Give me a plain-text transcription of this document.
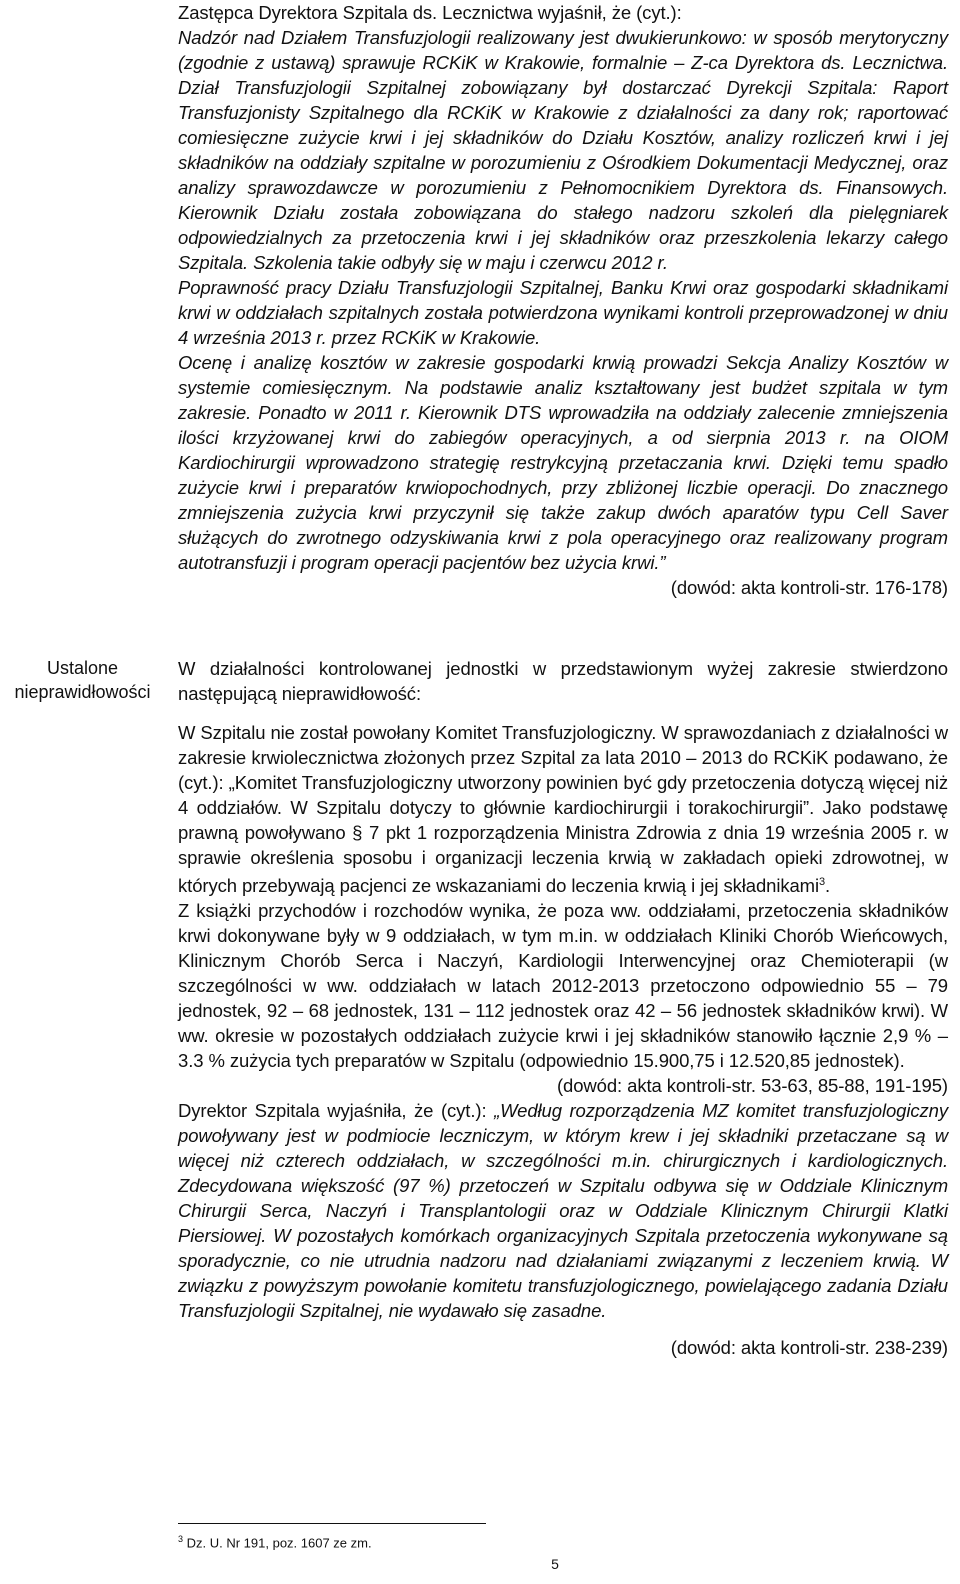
Zastępca Dyrektora Szpitala ds. Lecznictwa wyjaśnił, że (cyt.):

Nadzór nad Działem Transfuzjologii realizowany jest dwukierunkowo: w sposób merytoryczny (zgodnie z ustawą) sprawuje RCKiK w Krakowie, formalnie – Z-ca Dyrektora ds. Lecznictwa. Dział Transfuzjologii Szpitalnej zobowiązany był dostarczać Dyrekcji Szpitala: Raport Transfuzjonisty Szpitalnego dla RCKiK w Krakowie z działalności za dany rok; raportować comiesięczne zużycie krwi i jej składników do Działu Kosztów, analizy rozliczeń krwi i jej składników na oddziały szpitalne w porozumieniu z Ośrodkiem Dokumentacji Medycznej, oraz analizy sprawozdawcze w porozumieniu z Pełnomocnikiem Dyrektora ds. Finansowych. Kierownik Działu została zobowiązana do stałego nadzoru szkoleń dla pielęgniarek odpowiedzialnych za przetoczenia krwi i jej składników oraz przeszkolenia lekarzy całego Szpitala. Szkolenia takie odbyły się w maju i czerwcu 2012 r.

Poprawność pracy Działu Transfuzjologii Szpitalnej, Banku Krwi oraz gospodarki składnikami krwi w oddziałach szpitalnych została potwierdzona wynikami kontroli przeprowadzonej w dniu 4 września 2013 r. przez RCKiK w Krakowie.

Ocenę i analizę kosztów w zakresie gospodarki krwią prowadzi Sekcja Analizy Kosztów w systemie comiesięcznym. Na podstawie analiz kształtowany jest budżet szpitala w tym zakresie. Ponadto w 2011 r. Kierownik DTS wprowadziła na oddziały zalecenie zmniejszenia ilości krzyżowanej krwi do zabiegów operacyjnych, a od sierpnia 2013 r. na OIOM Kardiochirurgii wprowadzono strategię restrykcyjną przetaczania krwi. Dzięki temu spadło zużycie krwi i preparatów krwiopochodnych, przy zbliżonej liczbie operacji. Do znacznego zmniejszenia zużycia krwi przyczynił się także zakup dwóch aparatów typu Cell Saver służących do zwrotnego odzyskiwania krwi z pola operacyjnego oraz realizowany program autotransfuzji i program operacji pacjentów bez użycia krwi.”

(dowód: akta kontroli-str. 176-178)
Ustalone nieprawidłowości

W działalności kontrolowanej jednostki w przedstawionym wyżej zakresie stwierdzono następującą nieprawidłowość:

W Szpitalu nie został powołany Komitet Transfuzjologiczny. W sprawozdaniach z działalności w zakresie krwiolecznictwa złożonych przez Szpital za lata 2010 – 2013 do RCKiK podawano, że (cyt.): „Komitet Transfuzjologiczny utworzony powinien być gdy przetoczenia dotyczą więcej niż 4 oddziałów. W Szpitalu dotyczy to głównie kardiochirurgii i torakochirurgii”. Jako podstawę prawną powoływano § 7 pkt 1 rozporządzenia Ministra Zdrowia z dnia 19 września 2005 r. w sprawie określenia sposobu i organizacji leczenia krwią w zakładach opieki zdrowotnej, w których przebywają pacjenci ze wskazaniami do leczenia krwią i jej składnikami$^3$.

Z książki przychodów i rozchodów wynika, że poza ww. oddziałami, przetoczenia składników krwi dokonywane były w 9 oddziałach, w tym m.in. w oddziałach Kliniki Chorób Wieńcowych, Klinicznym Chorób Serca i Naczyń, Kardiologii Interwencyjnej oraz Chemioterapii (w szczególności w ww. oddziałach w latach 2012-2013 przetoczono odpowiednio 55 – 79 jednostek, 92 – 68 jednostek, 131 – 112 jednostek oraz 42 – 56 jednostek składników krwi). W ww. okresie w pozostałych oddziałach zużycie krwi i jej składników stanowiło łącznie 2,9 % – 3.3 % zużycia tych preparatów w Szpitalu (odpowiednio 15.900,75 i 12.520,85 jednostek).

(dowód: akta kontroli-str. 53-63, 85-88, 191-195)

Dyrektor Szpitala wyjaśniła, że (cyt.): „Według rozporządzenia MZ komitet transfuzjologiczny powoływany jest w podmiocie leczniczym, w którym krew i jej składniki przetaczane są w więcej niż czterech oddziałach, w szczególności m.in. chirurgicznych i kardiologicznych. Zdecydowana większość (97 %) przetoczeń w Szpitalu odbywa się w Oddziale Klinicznym Chirurgii Serca, Naczyń i Transplantologii oraz w Oddziale Klinicznym Chirurgii Klatki Piersiowej. W pozostałych komórkach organizacyjnych Szpitala przetoczenia wykonywane są sporadycznie, co nie utrudnia nadzoru nad działaniami związanymi z leczeniem krwią. W związku z powyższym powołanie komitetu transfuzjologicznego, powielającego zadania Działu Transfuzjologii Szpitalnej, nie wydawało się zasadne.

(dowód: akta kontroli-str. 238-239)
$^3$ Dz. U. Nr 191, poz. 1607 ze zm.
5
